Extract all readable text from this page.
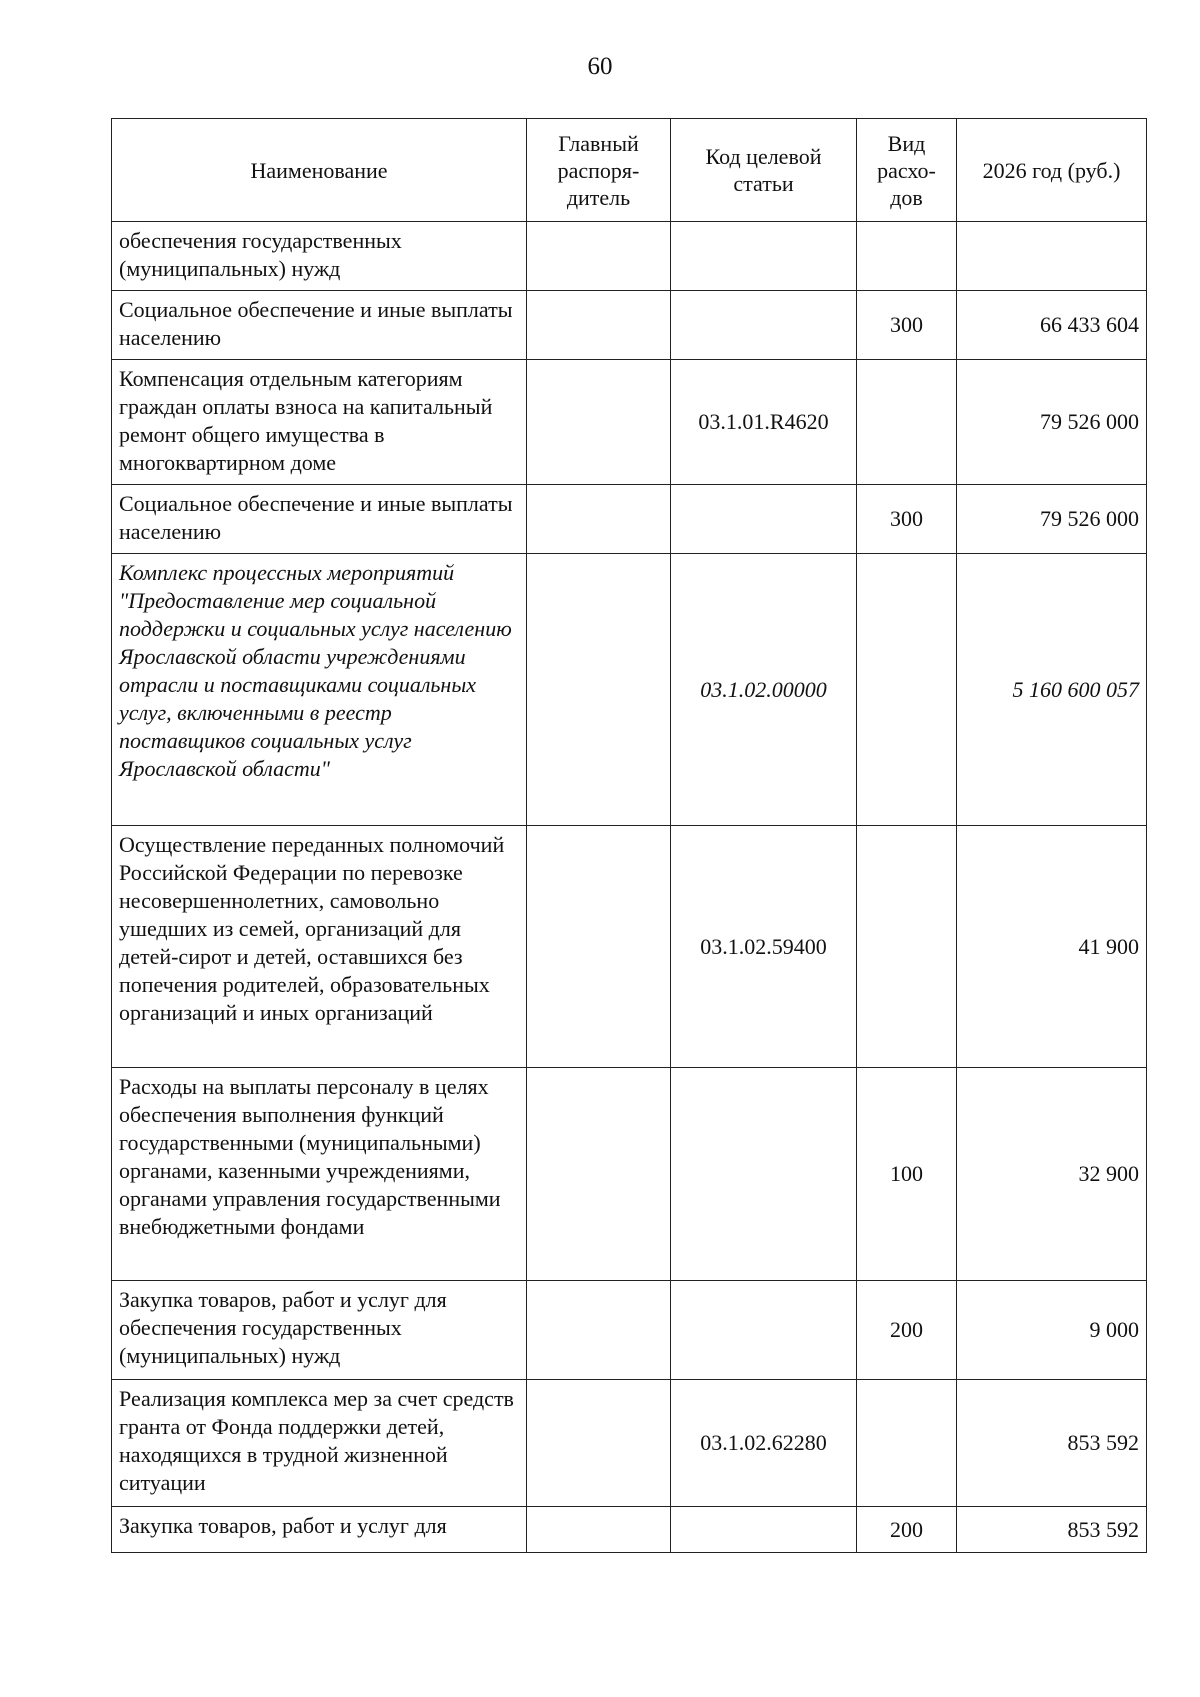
60
Наименование	Главный распоря-дитель	Код целевой статьи	Вид расхо-дов	2026 год (руб.)
обеспечения государственных (муниципальных) нужд				
Социальное обеспечение и иные выплаты населению			300	66 433 604
Компенсация отдельным категориям граждан оплаты взноса на капитальный ремонт общего имущества в многоквартирном доме		03.1.01.R4620		79 526 000
Социальное обеспечение и иные выплаты населению			300	79 526 000
Комплекс процессных мероприятий "Предоставление мер социальной поддержки и социальных услуг населению Ярославской области учреждениями отрасли и поставщиками социальных услуг, включенными в реестр поставщиков социальных услуг Ярославской области"		03.1.02.00000		5 160 600 057
Осуществление переданных полномочий Российской Федерации по перевозке несовершеннолетних, самовольно ушедших из семей, организаций для детей-сирот и детей, оставшихся без попечения родителей, образовательных организаций и иных организаций		03.1.02.59400		41 900
Расходы на выплаты персоналу в целях обеспечения выполнения функций государственными (муниципальными) органами, казенными учреждениями, органами управления государственными внебюджетными фондами			100	32 900
Закупка товаров, работ и услуг для обеспечения государственных (муниципальных) нужд			200	9 000
Реализация комплекса мер за счет средств гранта от Фонда поддержки детей, находящихся в трудной жизненной ситуации		03.1.02.62280		853 592
Закупка товаров, работ и услуг для			200	853 592
